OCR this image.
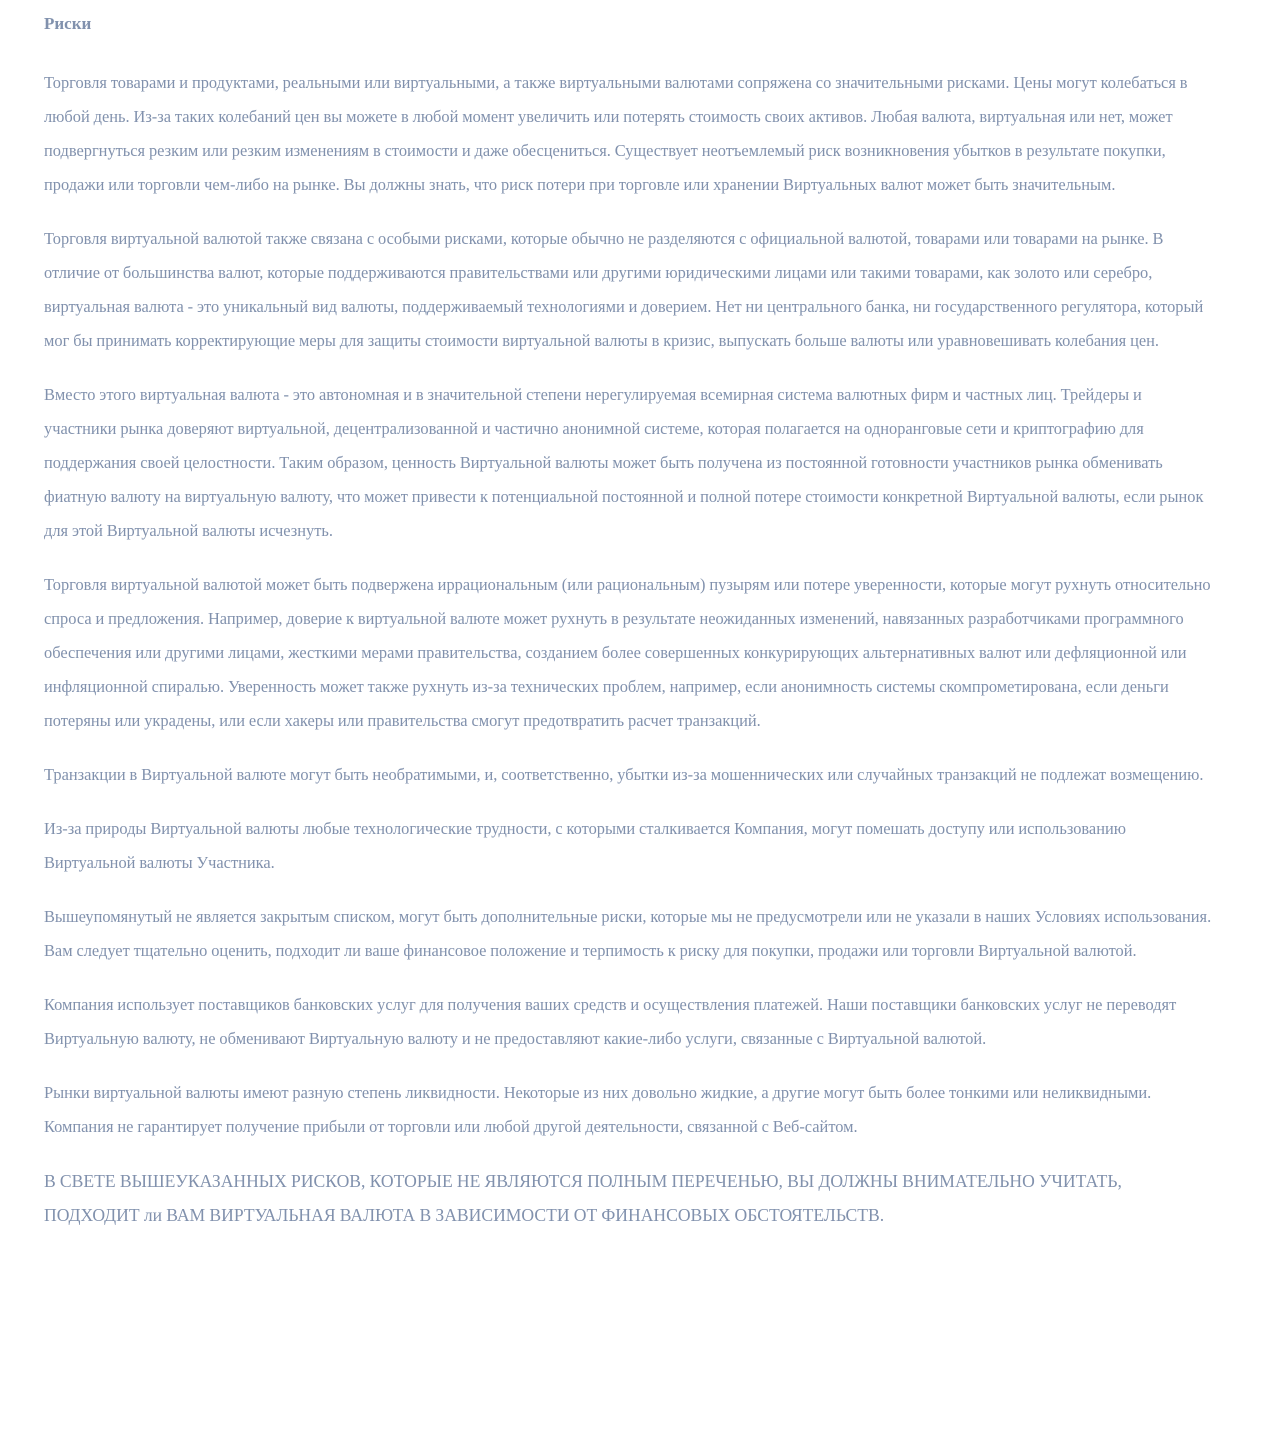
Риски

Торговля товарами и продуктами, реальными или виртуальными, а также виртуальными валютами сопряжена со значительными рисками. Цены могут колебаться в любой день. Из-за таких колебаний цен вы можете в любой момент увеличить или потерять стоимость своих активов. Любая валюта, виртуальная или нет, может подвергнуться резким или резким изменениям в стоимости и даже обесцениться. Существует неотъемлемый риск возникновения убытков в результате покупки, продажи или торговли чем-либо на рынке. Вы должны знать, что риск потери при торговле или хранении Виртуальных валют может быть значительным.

Торговля виртуальной валютой также связана с особыми рисками, которые обычно не разделяются с официальной валютой, товарами или товарами на рынке. В отличие от большинства валют, которые поддерживаются правительствами или другими юридическими лицами или такими товарами, как золото или серебро, виртуальная валюта - это уникальный вид валюты, поддерживаемый технологиями и доверием. Нет ни центрального банка, ни государственного регулятора, который мог бы принимать корректирующие меры для защиты стоимости виртуальной валюты в кризис, выпускать больше валюты или уравновешивать колебания цен.

Вместо этого виртуальная валюта - это автономная и в значительной степени нерегулируемая всемирная система валютных фирм и частных лиц. Трейдеры и участники рынка доверяют виртуальной, децентрализованной и частично анонимной системе, которая полагается на одноранговые сети и криптографию для поддержания своей целостности. Таким образом, ценность Виртуальной валюты может быть получена из постоянной готовности участников рынка обменивать фиатную валюту на виртуальную валюту, что может привести к потенциальной постоянной и полной потере стоимости конкретной Виртуальной валюты, если рынок для этой Виртуальной валюты исчезнуть.

Торговля виртуальной валютой может быть подвержена иррациональным (или рациональным) пузырям или потере уверенности, которые могут рухнуть относительно спроса и предложения. Например, доверие к виртуальной валюте может рухнуть в результате неожиданных изменений, навязанных разработчиками программного обеспечения или другими лицами, жесткими мерами правительства, созданием более совершенных конкурирующих альтернативных валют или дефляционной или инфляционной спиралью. Уверенность может также рухнуть из-за технических проблем, например, если анонимность системы скомпрометирована, если деньги потеряны или украдены, или если хакеры или правительства смогут предотвратить расчет транзакций.

Транзакции в Виртуальной валюте могут быть необратимыми, и, соответственно, убытки из-за мошеннических или случайных транзакций не подлежат возмещению.

Из-за природы Виртуальной валюты любые технологические трудности, с которыми сталкивается Компания, могут помешать доступу или использованию Виртуальной валюты Участника.

Вышеупомянутый не является закрытым списком, могут быть дополнительные риски, которые мы не предусмотрели или не указали в наших Условиях использования. Вам следует тщательно оценить, подходит ли ваше финансовое положение и терпимость к риску для покупки, продажи или торговли Виртуальной валютой.

Компания использует поставщиков банковских услуг для получения ваших средств и осуществления платежей. Наши поставщики банковских услуг не переводят Виртуальную валюту, не обменивают Виртуальную валюту и не предоставляют какие-либо услуги, связанные с Виртуальной валютой.

Рынки виртуальной валюты имеют разную степень ликвидности. Некоторые из них довольно жидкие, а другие могут быть более тонкими или неликвидными. Компания не гарантирует получение прибыли от торговли или любой другой деятельности, связанной с Веб-сайтом.

В СВЕТЕ ВЫШЕУКАЗАННЫХ РИСКОВ, КОТОРЫЕ НЕ ЯВЛЯЮТСЯ ПОЛНЫМ ПЕРЕЧЕНЬЮ, ВЫ ДОЛЖНЫ ВНИМАТЕЛЬНО УЧИТАТЬ, ПОДХОДИТ ли ВАМ ВИРТУАЛЬНАЯ ВАЛЮТА В ЗАВИСИМОСТИ ОТ ФИНАНСОВЫХ ОБСТОЯТЕЛЬСТВ.
